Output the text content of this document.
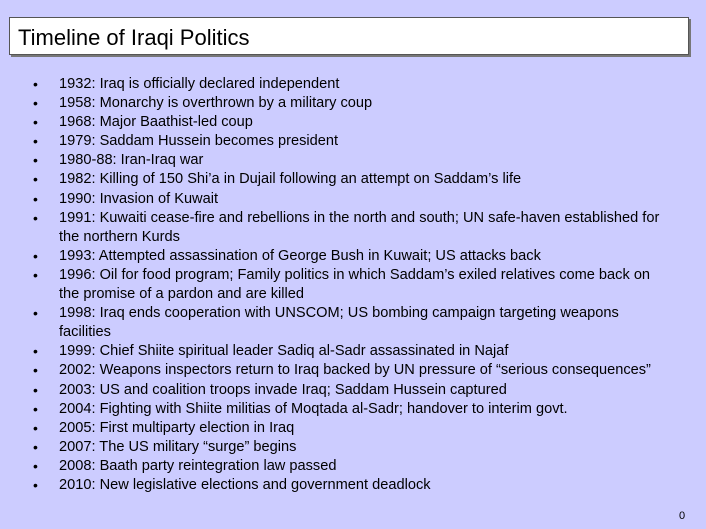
Timeline of Iraqi Politics
• 1932: Iraq is officially declared independent
• 1958: Monarchy is overthrown by a military coup
• 1968: Major Baathist-led coup
• 1979: Saddam Hussein becomes president
• 1980-88: Iran-Iraq war
• 1982: Killing of 150 Shi’a in Dujail following an attempt on Saddam’s life
• 1990: Invasion of Kuwait
• 1991: Kuwaiti cease-fire and rebellions in the north and south; UN safe-haven established for the northern Kurds
• 1993: Attempted assassination of George Bush in Kuwait; US attacks back
• 1996: Oil for food program; Family politics in which Saddam’s exiled relatives come back on the promise of a pardon and are killed
• 1998: Iraq ends cooperation with UNSCOM; US bombing campaign targeting weapons facilities
• 1999: Chief Shiite spiritual leader Sadiq al-Sadr assassinated in Najaf
• 2002: Weapons inspectors return to Iraq backed by UN pressure of “serious consequences”
• 2003: US and coalition troops invade Iraq; Saddam Hussein captured
• 2004: Fighting with Shiite militias of Moqtada al-Sadr; handover to interim govt.
• 2005: First multiparty election in Iraq
• 2007: The US military “surge” begins
• 2008: Baath party reintegration law passed
• 2010: New legislative elections and government deadlock
0
